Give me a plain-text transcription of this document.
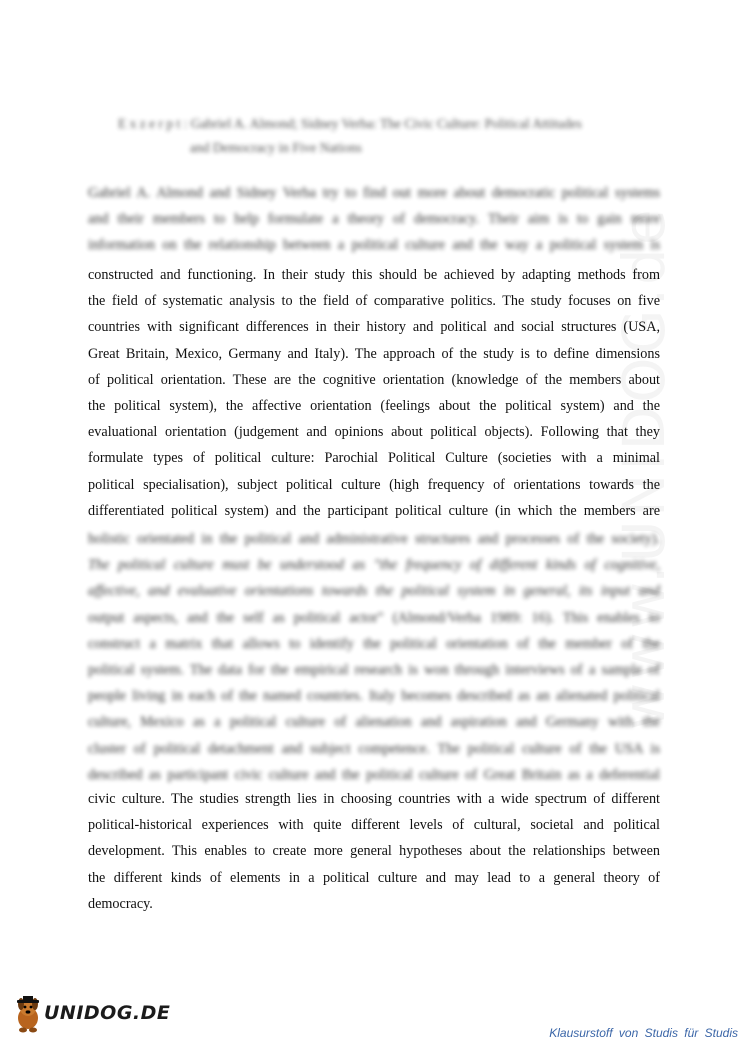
E x z e r p t : Gabriel A. Almond; Sidney Verba: The Civic Culture: Political Attitudes
and Democracy in Five Nations

Gabriel A. Almond and Sidney Verba try to find out more about democratic political systems
and their members to help formulate a theory of democracy. Their aim is to gain more
information on the relationship between a political culture and the way a political system is

constructed and functioning. In their study this should be achieved by adapting methods from
the field of systematic analysis to the field of comparative politics. The study focuses on five
countries with significant differences in their history and political and social structures (USA,
Great Britain, Mexico, Germany and Italy). The approach of the study is to define dimensions
of political orientation. These are the cognitive orientation (knowledge of the members about
the political system), the affective orientation (feelings about the political system) and the
evaluational orientation (judgement and opinions about political objects). Following that they
formulate types of political culture: Parochial Political Culture (societies with a minimal
political specialisation), subject political culture (high frequency of orientations towards the
differentiated political system) and the participant political culture (in which the members are

holistic orientated in the political and administrative structures and processes of the society).
The political culture must be understood as "the frequency of different kinds of cognitive,
affective, and evaluative orientations towards the political system in general, its input and
output aspects, and the self as political actor" (Almond/Verba 1989: 16). This enables to
construct a matrix that allows to identify the political orientation of the member of the
political system. The data for the empirical research is won through interviews of a sample of
people living in each of the named countries. Italy becomes described as an alienated political
culture, Mexico as a political culture of alienation and aspiration and Germany with the
cluster of political detachment and subject competence. The political culture of the USA is
described as participant civic culture and the political culture of Great Britain as a deferential

civic culture. The studies strength lies in choosing countries with a wide spectrum of different
political-historical experiences with quite different levels of cultural, societal and political
development. This enables to create more general hypotheses about the relationships between
the different kinds of elements in a political culture and may lead to a general theory of
democracy.

UNIDOG.DE
Klausurstoff von Studis für Studis
